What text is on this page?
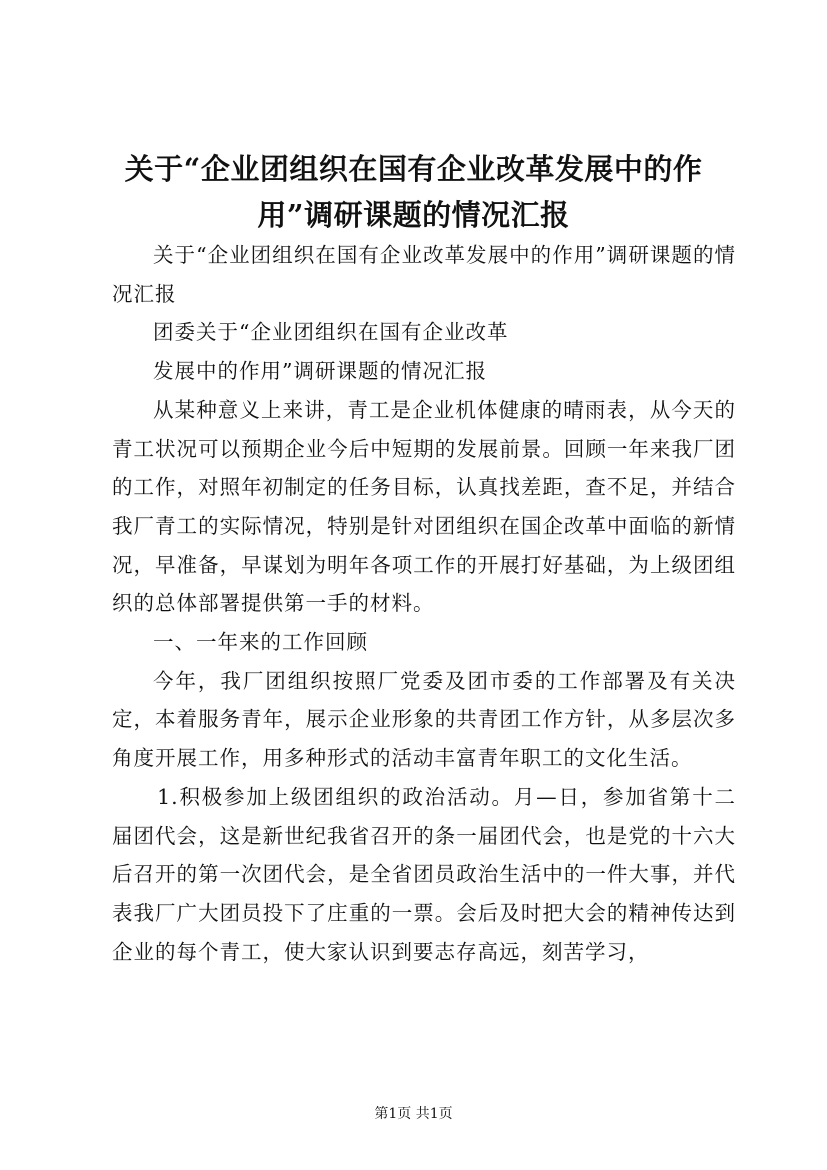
关于“企业团组织在国有企业改革发展中的作用”调研课题的情况汇报

关于“企业团组织在国有企业改革发展中的作用”调研课题的情况汇报

团委关于“企业团组织在国有企业改革

发展中的作用”调研课题的情况汇报

从某种意义上来讲，青工是企业机体健康的晴雨表，从今天的青工状况可以预期企业今后中短期的发展前景。回顾一年来我厂团的工作，对照年初制定的任务目标，认真找差距，查不足，并结合我厂青工的实际情况，特别是针对团组织在国企改革中面临的新情况，早准备，早谋划为明年各项工作的开展打好基础，为上级团组织的总体部署提供第一手的材料。

一、一年来的工作回顾

今年，我厂团组织按照厂党委及团市委的工作部署及有关决定，本着服务青年，展示企业形象的共青团工作方针，从多层次多角度开展工作，用多种形式的活动丰富青年职工的文化生活。

1.积极参加上级团组织的政治活动。月—日，参加省第十二届团代会，这是新世纪我省召开的条一届团代会，也是党的十六大后召开的第一次团代会，是全省团员政治生活中的一件大事，并代表我厂广大团员投下了庄重的一票。会后及时把大会的精神传达到企业的每个青工，使大家认识到要志存高远，刻苦学习，

第1页 共1页
